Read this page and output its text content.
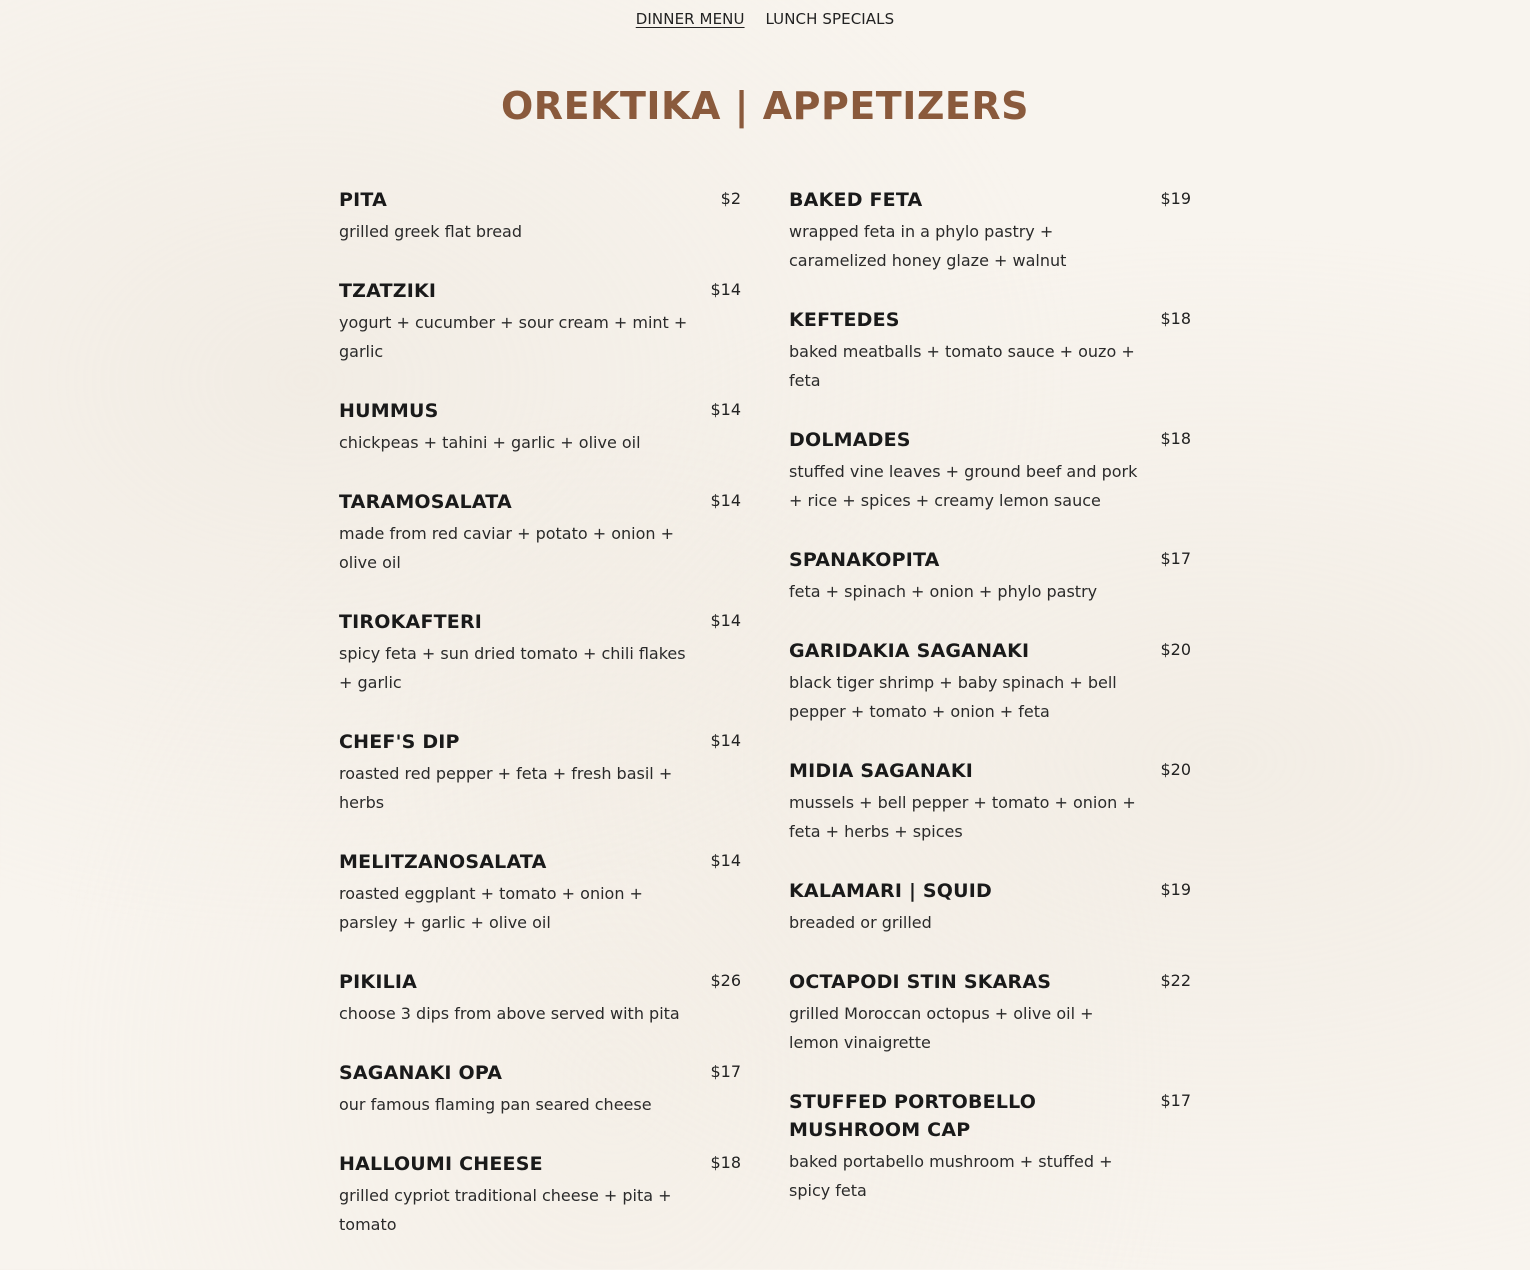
DINNER MENU LUNCH SPECIALS
OREKTIKA | APPETIZERS
PITA	$2
grilled greek flat bread
TZATZIKI	$14
yogurt + cucumber + sour cream + mint + garlic
HUMMUS	$14
chickpeas + tahini + garlic + olive oil
TARAMOSALATA	$14
made from red caviar + potato + onion + olive oil
TIROKAFTERI	$14
spicy feta + sun dried tomato + chili flakes + garlic
CHEF'S DIP	$14
roasted red pepper + feta + fresh basil + herbs
MELITZANOSALATA	$14
roasted eggplant + tomato + onion + parsley + garlic + olive oil
PIKILIA	$26
choose 3 dips from above served with pita
SAGANAKI OPA	$17
our famous flaming pan seared cheese
HALLOUMI CHEESE	$18
grilled cypriot traditional cheese + pita + tomato
BAKED FETA	$19
wrapped feta in a phylo pastry + caramelized honey glaze + walnut
KEFTEDES	$18
baked meatballs + tomato sauce + ouzo + feta
DOLMADES	$18
stuffed vine leaves + ground beef and pork + rice + spices + creamy lemon sauce
SPANAKOPITA	$17
feta + spinach + onion + phylo pastry
GARIDAKIA SAGANAKI	$20
black tiger shrimp + baby spinach + bell pepper + tomato + onion + feta
MIDIA SAGANAKI	$20
mussels + bell pepper + tomato + onion + feta + herbs + spices
KALAMARI | SQUID	$19
breaded or grilled
OCTAPODI STIN SKARAS	$22
grilled Moroccan octopus + olive oil + lemon vinaigrette
STUFFED PORTOBELLO MUSHROOM CAP
$17
baked portabello mushroom + stuffed + spicy feta
